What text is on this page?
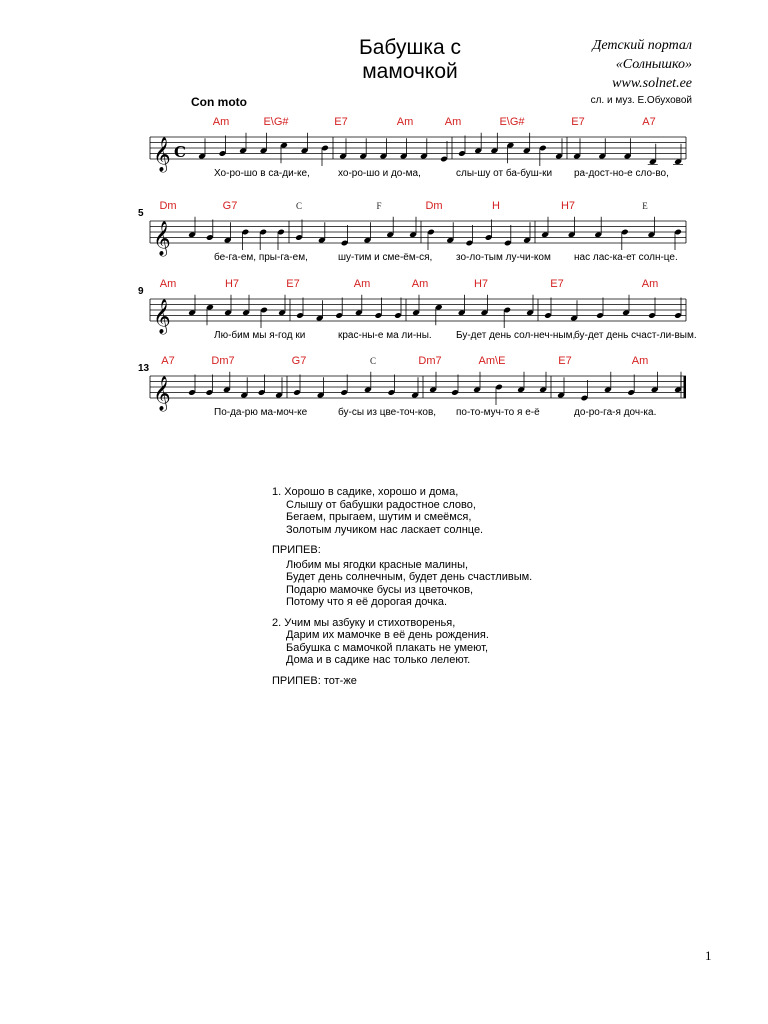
Бабушка с
мамочкой
Детский портал
«Солнышко»
www.solnet.ee
Con moto	сл. и муз. Е.Обуховой
𝄞 C
Am	E\G#	E7	Am	Am	E\G#	E7	A7
Хо-ро-шо в са-ди-ке,	хо-ро-шо и до-ма,	слы-шу от ба-буш-ки ра-дост-но-е сло-во,
𝄞
5
Dm	G7	C	F	Dm	H	H7	E
бе-га-ем, пры-га-ем,	шу-тим и сме-ём-ся, зо-ло-тым лу-чи-ком нас лас-ка-ет солн-це.
𝄞
9
Am	H7	E7	Am	Am	H7	E7	Am
Лю-бим мы я-год ки	крас-ны-е ма ли-ны. Бу-дет день сол-неч-ным,
бу-дет день счаст-ли-вым.
𝄞
13
A7	Dm7	G7	C	Dm7	Am\E	E7	Am
По-да-рю ма-моч-ке	бу-сы из цве-точ-ков, по-то-муч-то я е-ё	до-ро-га-я доч-ка.
1. Хорошо в садике, хорошо и дома,
Слышу от бабушки радостное слово,
Бегаем, прыгаем, шутим и смеёмся,
Золотым лучиком нас ласкает солнце.
ПРИПЕВ:
Любим мы ягодки красные малины,
Будет день солнечным, будет день счастливым.
Подарю мамочке бусы из цветочков,
Потому что я её дорогая дочка.
2. Учим мы азбуку и стихотворенья,
Дарим их мамочке в её день рождения.
Бабушка с мамочкой плакать не умеют,
Дома и в садике нас только лелеют.
ПРИПЕВ: тот-же
1
